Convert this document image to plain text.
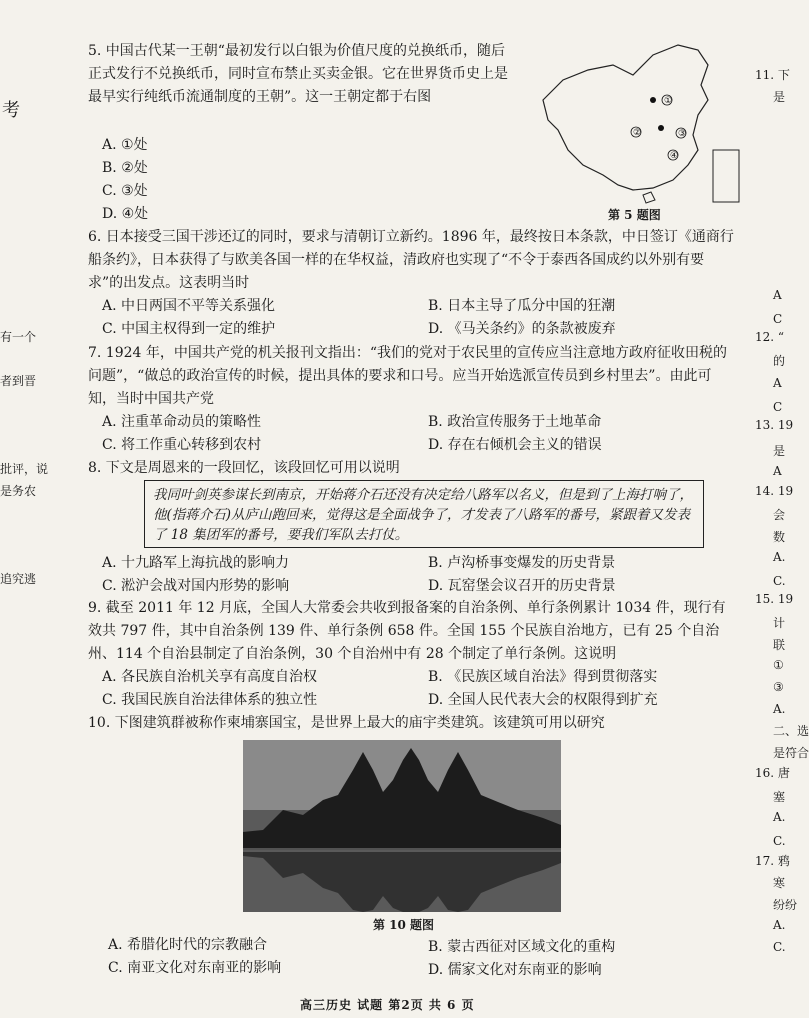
考
有一个
者到晋
批评，说
是务农
追究逃
11. 下
是
A
C
12. “
的
A
C
13. 19
是
A
14. 19
会
数
A.
C.
15. 19
计
联
①
③
A.
二、选
是符合
16. 唐
塞
A.
C.
17. 鸦
寒
纷纷
A.
C.

5. 中国古代某一王朝“最初发行以白银为价值尺度的兑换纸币，随后正式发行不兑换纸币，同时宣布禁止买卖金银。它在世界货币史上是最早实行纯纸币流通制度的王朝”。这一王朝定都于右图

A. ①处
B. ②处
C. ③处
D. ④处
①
②	③
④
第 5 题图

6. 日本接受三国干涉还辽的同时，要求与清朝订立新约。1896 年，最终按日本条款，中日签订《通商行船条约》，日本获得了与欧美各国一样的在华权益，清政府也实现了“不令于泰西各国成约以外别有要求”的出发点。这表明当时

A. 中日两国不平等关系强化	B. 日本主导了瓜分中国的狂潮
C. 中国主权得到一定的维护	D. 《马关条约》的条款被废弃

7. 1924 年，中国共产党的机关报刊文指出：“我们的党对于农民里的宣传应当注意地方政府征收田税的问题”，“做总的政治宣传的时候，提出具体的要求和口号。应当开始选派宣传员到乡村里去”。由此可知，当时中国共产党

A. 注重革命动员的策略性	B. 政治宣传服务于土地革命
C. 将工作重心转移到农村	D. 存在右倾机会主义的错误

8. 下文是周恩来的一段回忆，该段回忆可用以说明

我同叶剑英参谋长到南京，开始蒋介石还没有决定给八路军以名义，但是到了上海打响了，他(指蒋介石)从庐山跑回来，觉得这是全面战争了，才发表了八路军的番号，紧跟着又发表了 18 集团军的番号，要我们军队去打仗。
A. 十九路军上海抗战的影响力	B. 卢沟桥事变爆发的历史背景
C. 淞沪会战对国内形势的影响	D. 瓦窑堡会议召开的历史背景

9. 截至 2011 年 12 月底，全国人大常委会共收到报备案的自治条例、单行条例累计 1034 件，现行有效共 797 件，其中自治条例 139 件、单行条例 658 件。全国 155 个民族自治地方，已有 25 个自治州、114 个自治县制定了自治条例，30 个自治州中有 28 个制定了单行条例。这说明

A. 各民族自治机关享有高度自治权	B. 《民族区域自治法》得到贯彻落实
C. 我国民族自治法律体系的独立性	D. 全国人民代表大会的权限得到扩充

10. 下图建筑群被称作柬埔寨国宝，是世界上最大的庙宇类建筑。该建筑可用以研究

第 10 题图
A. 希腊化时代的宗教融合	B. 蒙古西征对区域文化的重构
C. 南亚文化对东南亚的影响	D. 儒家文化对东南亚的影响
高三历史 试题 第2页 共 6 页
